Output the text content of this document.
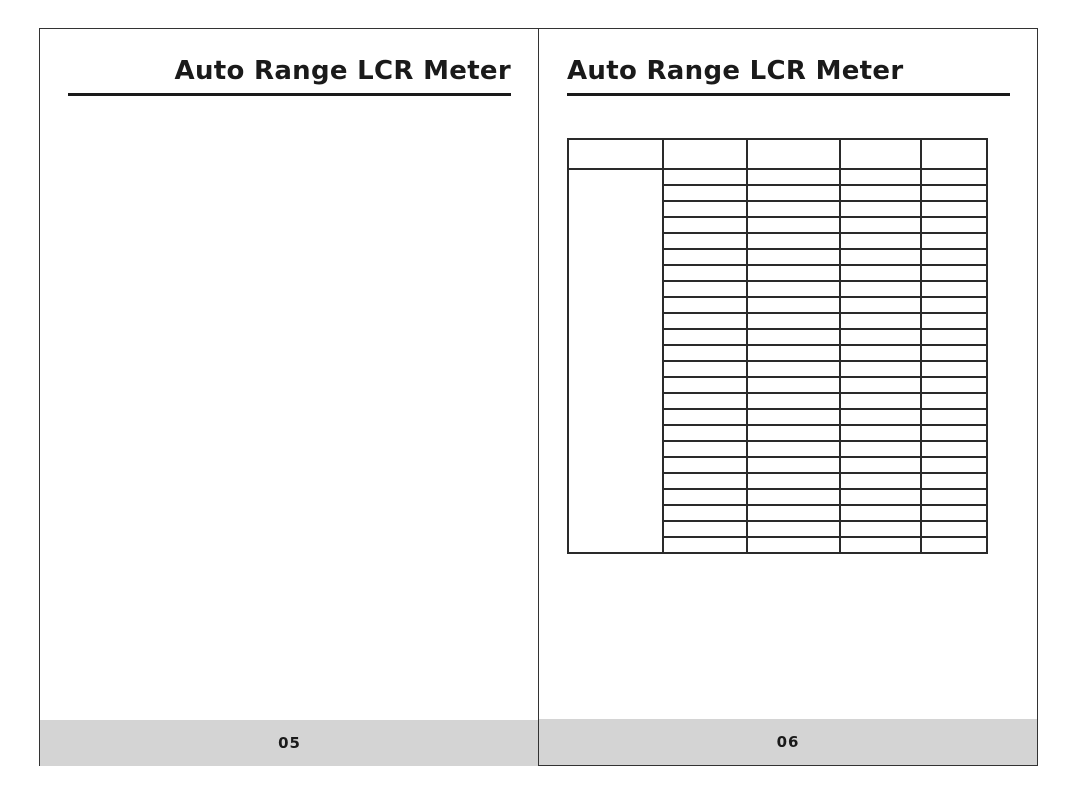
Auto Range LCR Meter
05
Auto Range LCR Meter

06
